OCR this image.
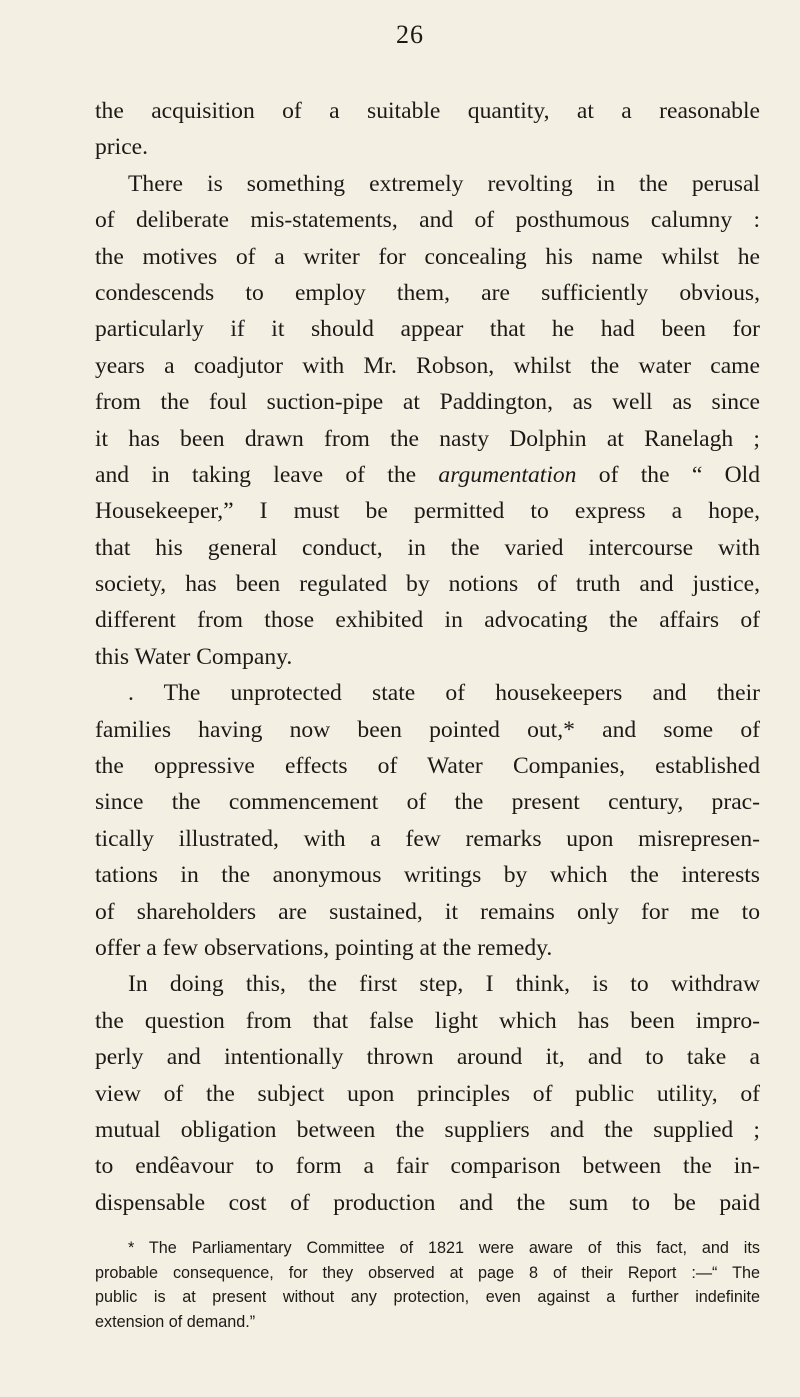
26
the acquisition of a suitable quantity, at a reasonable
price.
There is something extremely revolting in the perusal
of deliberate mis-statements, and of posthumous calumny :
the motives of a writer for concealing his name whilst he
condescends to employ them, are sufficiently obvious,
particularly if it should appear that he had been for
years a coadjutor with Mr. Robson, whilst the water came
from the foul suction-pipe at Paddington, as well as since
it has been drawn from the nasty Dolphin at Ranelagh ;
and in taking leave of the argumentation of the “ Old
Housekeeper,” I must be permitted to express a hope,
that his general conduct, in the varied intercourse with
society, has been regulated by notions of truth and justice,
different from those exhibited in advocating the affairs of
this Water Company.
. The unprotected state of housekeepers and their
families having now been pointed out,* and some of
the oppressive effects of Water Companies, established
since the commencement of the present century, prac-
tically illustrated, with a few remarks upon misrepresen-
tations in the anonymous writings by which the interests
of shareholders are sustained, it remains only for me to
offer a few observations, pointing at the remedy.
In doing this, the first step, I think, is to withdraw
the question from that false light which has been impro-
perly and intentionally thrown around it, and to take a
view of the subject upon principles of public utility, of
mutual obligation between the suppliers and the supplied ;
to endêavour to form a fair comparison between the in-
dispensable cost of production and the sum to be paid
* The Parliamentary Committee of 1821 were aware of this fact, and its
probable consequence, for they observed at page 8 of their Report :—“ The
public is at present without any protection, even against a further indefinite
extension of demand.”
